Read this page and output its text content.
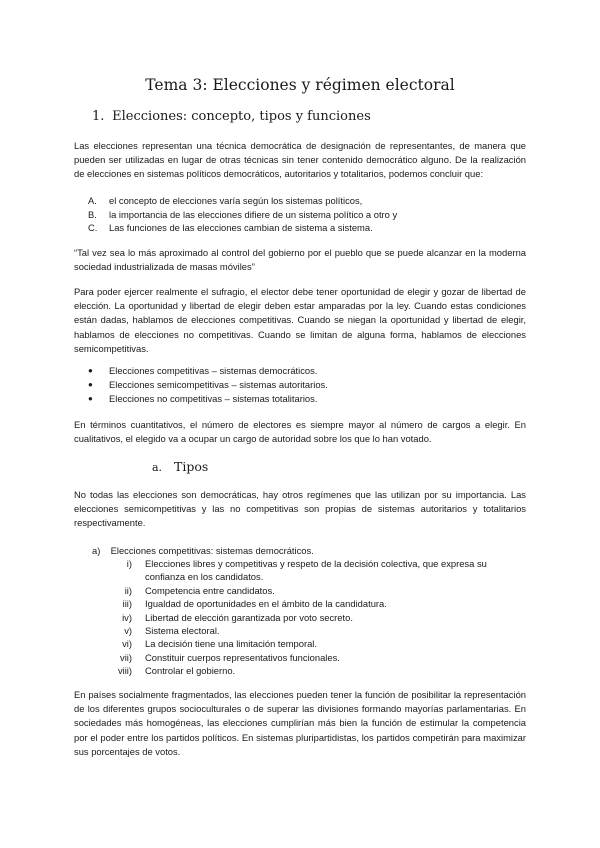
Tema 3: Elecciones y régimen electoral
1. Elecciones: concepto, tipos y funciones

Las elecciones representan una técnica democrática de designación de representantes, de manera que pueden ser utilizadas en lugar de otras técnicas sin tener contenido democrático alguno. De la realización de elecciones en sistemas políticos democráticos, autoritarios y totalitarios, podemos concluir que:

A.	el concepto de elecciones varía según los sistemas políticos,
B.	la importancia de las elecciones difiere de un sistema político a otro y
C.	Las funciones de las elecciones cambian de sistema a sistema.

“Tal vez sea lo más aproximado al control del gobierno por el pueblo que se puede alcanzar en la moderna sociedad industrializada de masas móviles”

Para poder ejercer realmente el sufragio, el elector debe tener oportunidad de elegir y gozar de libertad de elección. La oportunidad y libertad de elegir deben estar amparadas por la ley. Cuando estas condiciones están dadas, hablamos de elecciones competitivas. Cuando se niegan la oportunidad y libertad de elegir, hablamos de elecciones no competitivas. Cuando se limitan de alguna forma, hablamos de elecciones semicompetitivas.

●	Elecciones competitivas – sistemas democráticos.
●	Elecciones semicompetitivas – sistemas autoritarios.
●	Elecciones no competitivas – sistemas totalitarios.

En términos cuantitativos, el número de electores es siempre mayor al número de cargos a elegir. En cualitativos, el elegido va a ocupar un cargo de autoridad sobre los que lo han votado.

a. Tipos

No todas las elecciones son democráticas, hay otros regímenes que las utilizan por su importancia. Las elecciones semicompetitivas y las no competitivas son propias de sistemas autoritarios y totalitarios respectivamente.

a) Elecciones competitivas: sistemas democráticos.

i)	Elecciones libres y competitivas y respeto de la decisión colectiva, que expresa su confianza en los candidatos.
ii)	Competencia entre candidatos.
iii)	Igualdad de oportunidades en el ámbito de la candidatura.
iv)	Libertad de elección garantizada por voto secreto.
v)	Sistema electoral.
vi)	La decisión tiene una limitación temporal.
vii)	Constituir cuerpos representativos funcionales.
viii)	Controlar el gobierno.

En países socialmente fragmentados, las elecciones pueden tener la función de posibilitar la representación de los diferentes grupos socioculturales o de superar las divisiones formando mayorías parlamentarias. En sociedades más homogéneas, las elecciones cumplirían más bien la función de estimular la competencia por el poder entre los partidos políticos. En sistemas pluripartidistas, los partidos competirán para maximizar sus porcentajes de votos.
